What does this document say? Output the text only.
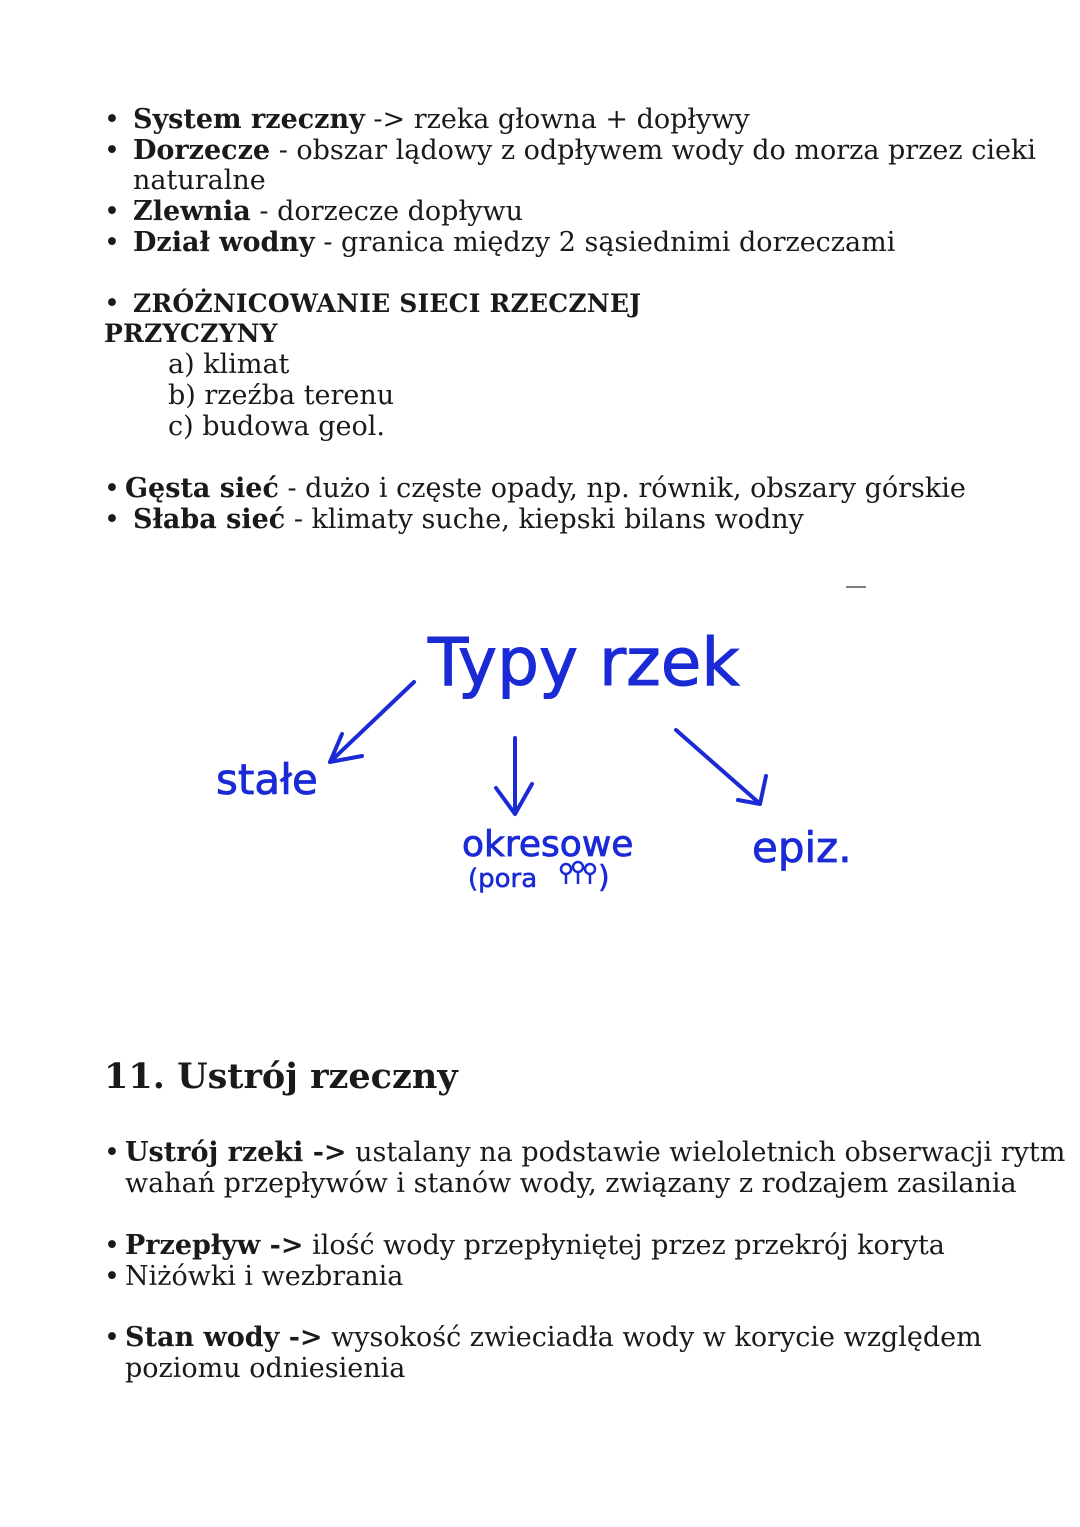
•
System rzeczny -> rzeka głowna + dopływy
•
Dorzecze - obszar lądowy z odpływem wody do morza przez cieki
naturalne
•
Zlewnia - dorzecze dopływu
•
Dział wodny - granica między 2 sąsiednimi dorzeczami
•
ZRÓŻNICOWANIE SIECI RZECZNEJ
PRZYCZYNY
a) klimat
b) rzeźba terenu
c) budowa geol.
•
Gęsta sieć - dużo i częste opady, np. równik, obszary górskie
•
Słaba sieć - klimaty suche, kiepski bilans wodny
Typy rzek
stałe
okresowe
(pora )
epiz.
11. Ustrój rzeczny
•
Ustrój rzeki -> ustalany na podstawie wieloletnich obserwacji rytm
wahań przepływów i stanów wody, związany z rodzajem zasilania
•
Przepływ -> ilość wody przepłyniętej przez przekrój koryta
•
Niżówki i wezbrania
•
Stan wody -> wysokość zwieciadła wody w korycie względem
poziomu odniesienia
